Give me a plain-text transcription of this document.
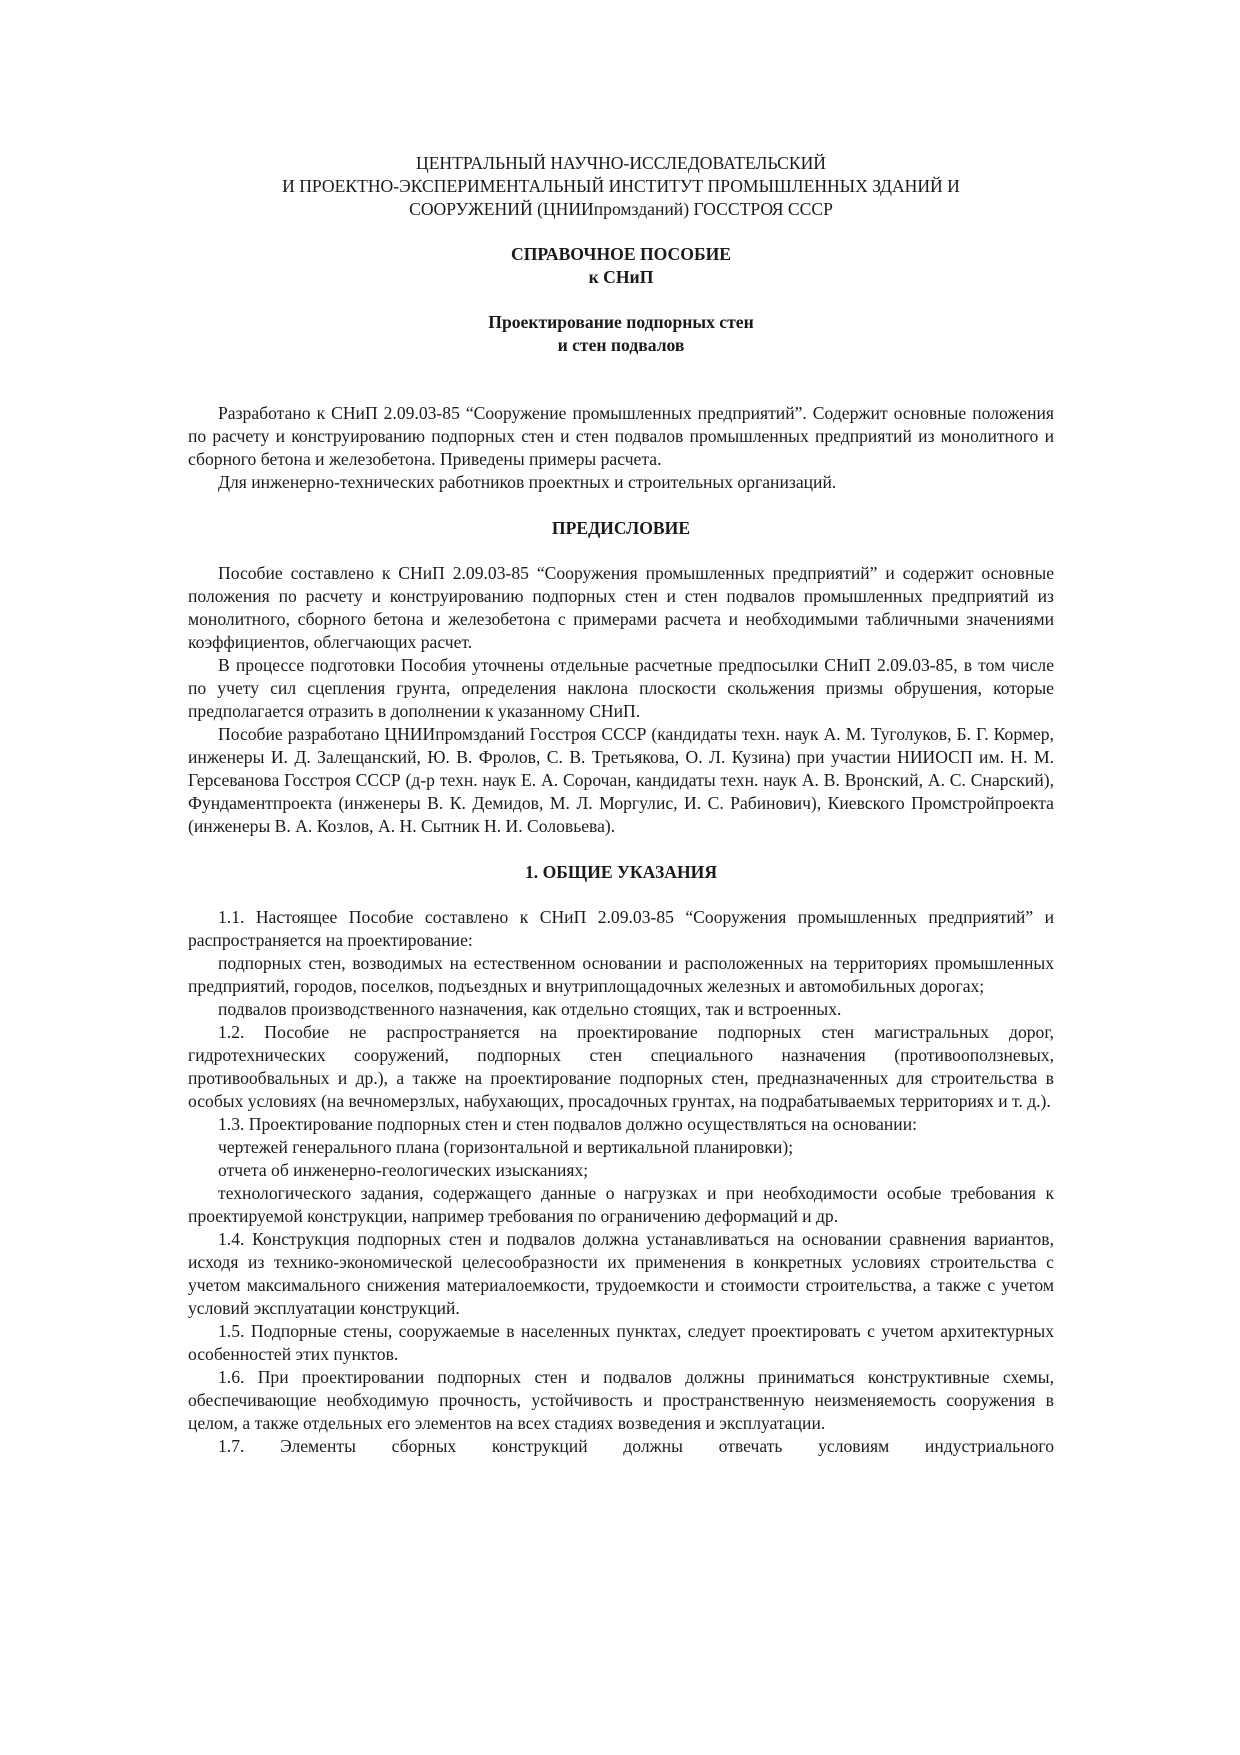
ЦЕНТРАЛЬНЫЙ НАУЧНО-ИССЛЕДОВАТЕЛЬСКИЙ
И ПРОЕКТНО-ЭКСПЕРИМЕНТАЛЬНЫЙ ИНСТИТУТ ПРОМЫШЛЕННЫХ ЗДАНИЙ И
СООРУЖЕНИЙ (ЦНИИпромзданий) ГОССТРОЯ СССР
СПРАВОЧНОЕ ПОСОБИЕ
к СНиП
Проектирование подпорных стен
и стен подвалов

Разработано к СНиП 2.09.03-85 “Сооружение промышленных предприятий”. Содержит основные положения по расчету и конструированию подпорных стен и стен подвалов промышленных предприятий из монолитного и сборного бетона и железобетона. Приведены примеры расчета.

Для инженерно-технических работников проектных и строительных организаций.

ПРЕДИСЛОВИЕ

Пособие составлено к СНиП 2.09.03-85 “Сооружения промышленных предприятий” и содержит основные положения по расчету и конструированию подпорных стен и стен подвалов промышленных предприятий из монолитного, сборного бетона и железобетона с примерами расчета и необходимыми табличными значениями коэффициентов, облегчающих расчет.

В процессе подготовки Пособия уточнены отдельные расчетные предпосылки СНиП 2.09.03-85, в том числе по учету сил сцепления грунта, определения наклона плоскости скольжения призмы обрушения, которые предполагается отразить в дополнении к указанному СНиП.

Пособие разработано ЦНИИпромзданий Госстроя СССР (кандидаты техн. наук А. М. Туголуков, Б. Г. Кормер, инженеры И. Д. Залещанский, Ю. В. Фролов, С. В. Третьякова, О. Л. Кузина) при участии НИИОСП им. Н. М. Герсеванова Госстроя СССР (д-р техн. наук Е. А. Сорочан, кандидаты техн. наук А. В. Вронский, А. С. Снарский), Фундаментпроекта (инженеры В. К. Демидов, М. Л. Моргулис, И. С. Рабинович), Киевского Промстройпроекта (инженеры В. А. Козлов, А. Н. Сытник Н. И. Соловьева).

1. ОБЩИЕ УКАЗАНИЯ

1.1. Настоящее Пособие составлено к СНиП 2.09.03-85 “Сооружения промышленных предприятий” и распространяется на проектирование:

подпорных стен, возводимых на естественном основании и расположенных на территориях промышленных предприятий, городов, поселков, подъездных и внутриплощадочных железных и автомобильных дорогах;

подвалов производственного назначения, как отдельно стоящих, так и встроенных.

1.2. Пособие не распространяется на проектирование подпорных стен магистральных дорог, гидротехнических сооружений, подпорных стен специального назначения (противооползневых, противообвальных и др.), а также на проектирование подпорных стен, предназначенных для строительства в особых условиях (на вечномерзлых, набухающих, просадочных грунтах, на подрабатываемых территориях и т. д.).

1.3. Проектирование подпорных стен и стен подвалов должно осуществляться на основании:

чертежей генерального плана (горизонтальной и вертикальной планировки);

отчета об инженерно-геологических изысканиях;

технологического задания, содержащего данные о нагрузках и при необходимости особые требования к проектируемой конструкции, например требования по ограничению деформаций и др.

1.4. Конструкция подпорных стен и подвалов должна устанавливаться на основании сравнения вариантов, исходя из технико-экономической целесообразности их применения в конкретных условиях строительства с учетом максимального снижения материалоемкости, трудоемкости и стоимости строительства, а также с учетом условий эксплуатации конструкций.

1.5. Подпорные стены, сооружаемые в населенных пунктах, следует проектировать с учетом архитектурных особенностей этих пунктов.

1.6. При проектировании подпорных стен и подвалов должны приниматься конструктивные схемы, обеспечивающие необходимую прочность, устойчивость и пространственную неизменяемость сооружения в целом, а также отдельных его элементов на всех стадиях возведения и эксплуатации.

1.7. Элементы сборных конструкций должны отвечать условиям индустриального
